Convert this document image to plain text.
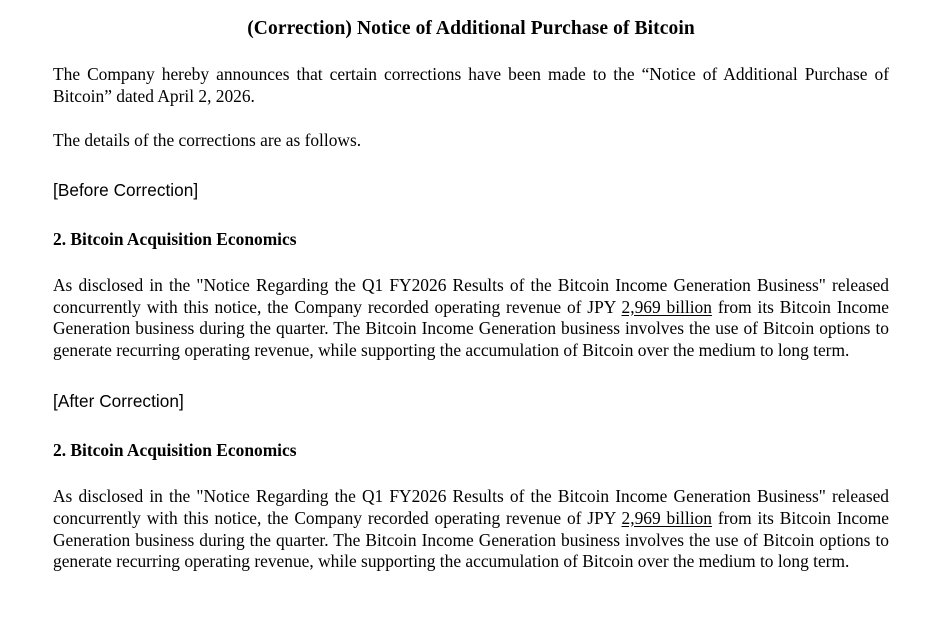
(Correction) Notice of Additional Purchase of Bitcoin

The Company hereby announces that certain corrections have been made to the “Notice of Additional Purchase of Bitcoin” dated April 2, 2026.

The details of the corrections are as follows.

[Before Correction]

2. Bitcoin Acquisition Economics

As disclosed in the "Notice Regarding the Q1 FY2026 Results of the Bitcoin Income Generation Business" released concurrently with this notice, the Company recorded operating revenue of JPY 2,969 billion from its Bitcoin Income Generation business during the quarter. The Bitcoin Income Generation business involves the use of Bitcoin options to generate recurring operating revenue, while supporting the accumulation of Bitcoin over the medium to long term.

[After Correction]

2. Bitcoin Acquisition Economics

As disclosed in the "Notice Regarding the Q1 FY2026 Results of the Bitcoin Income Generation Business" released concurrently with this notice, the Company recorded operating revenue of JPY 2,969 billion from its Bitcoin Income Generation business during the quarter. The Bitcoin Income Generation business involves the use of Bitcoin options to generate recurring operating revenue, while supporting the accumulation of Bitcoin over the medium to long term.
